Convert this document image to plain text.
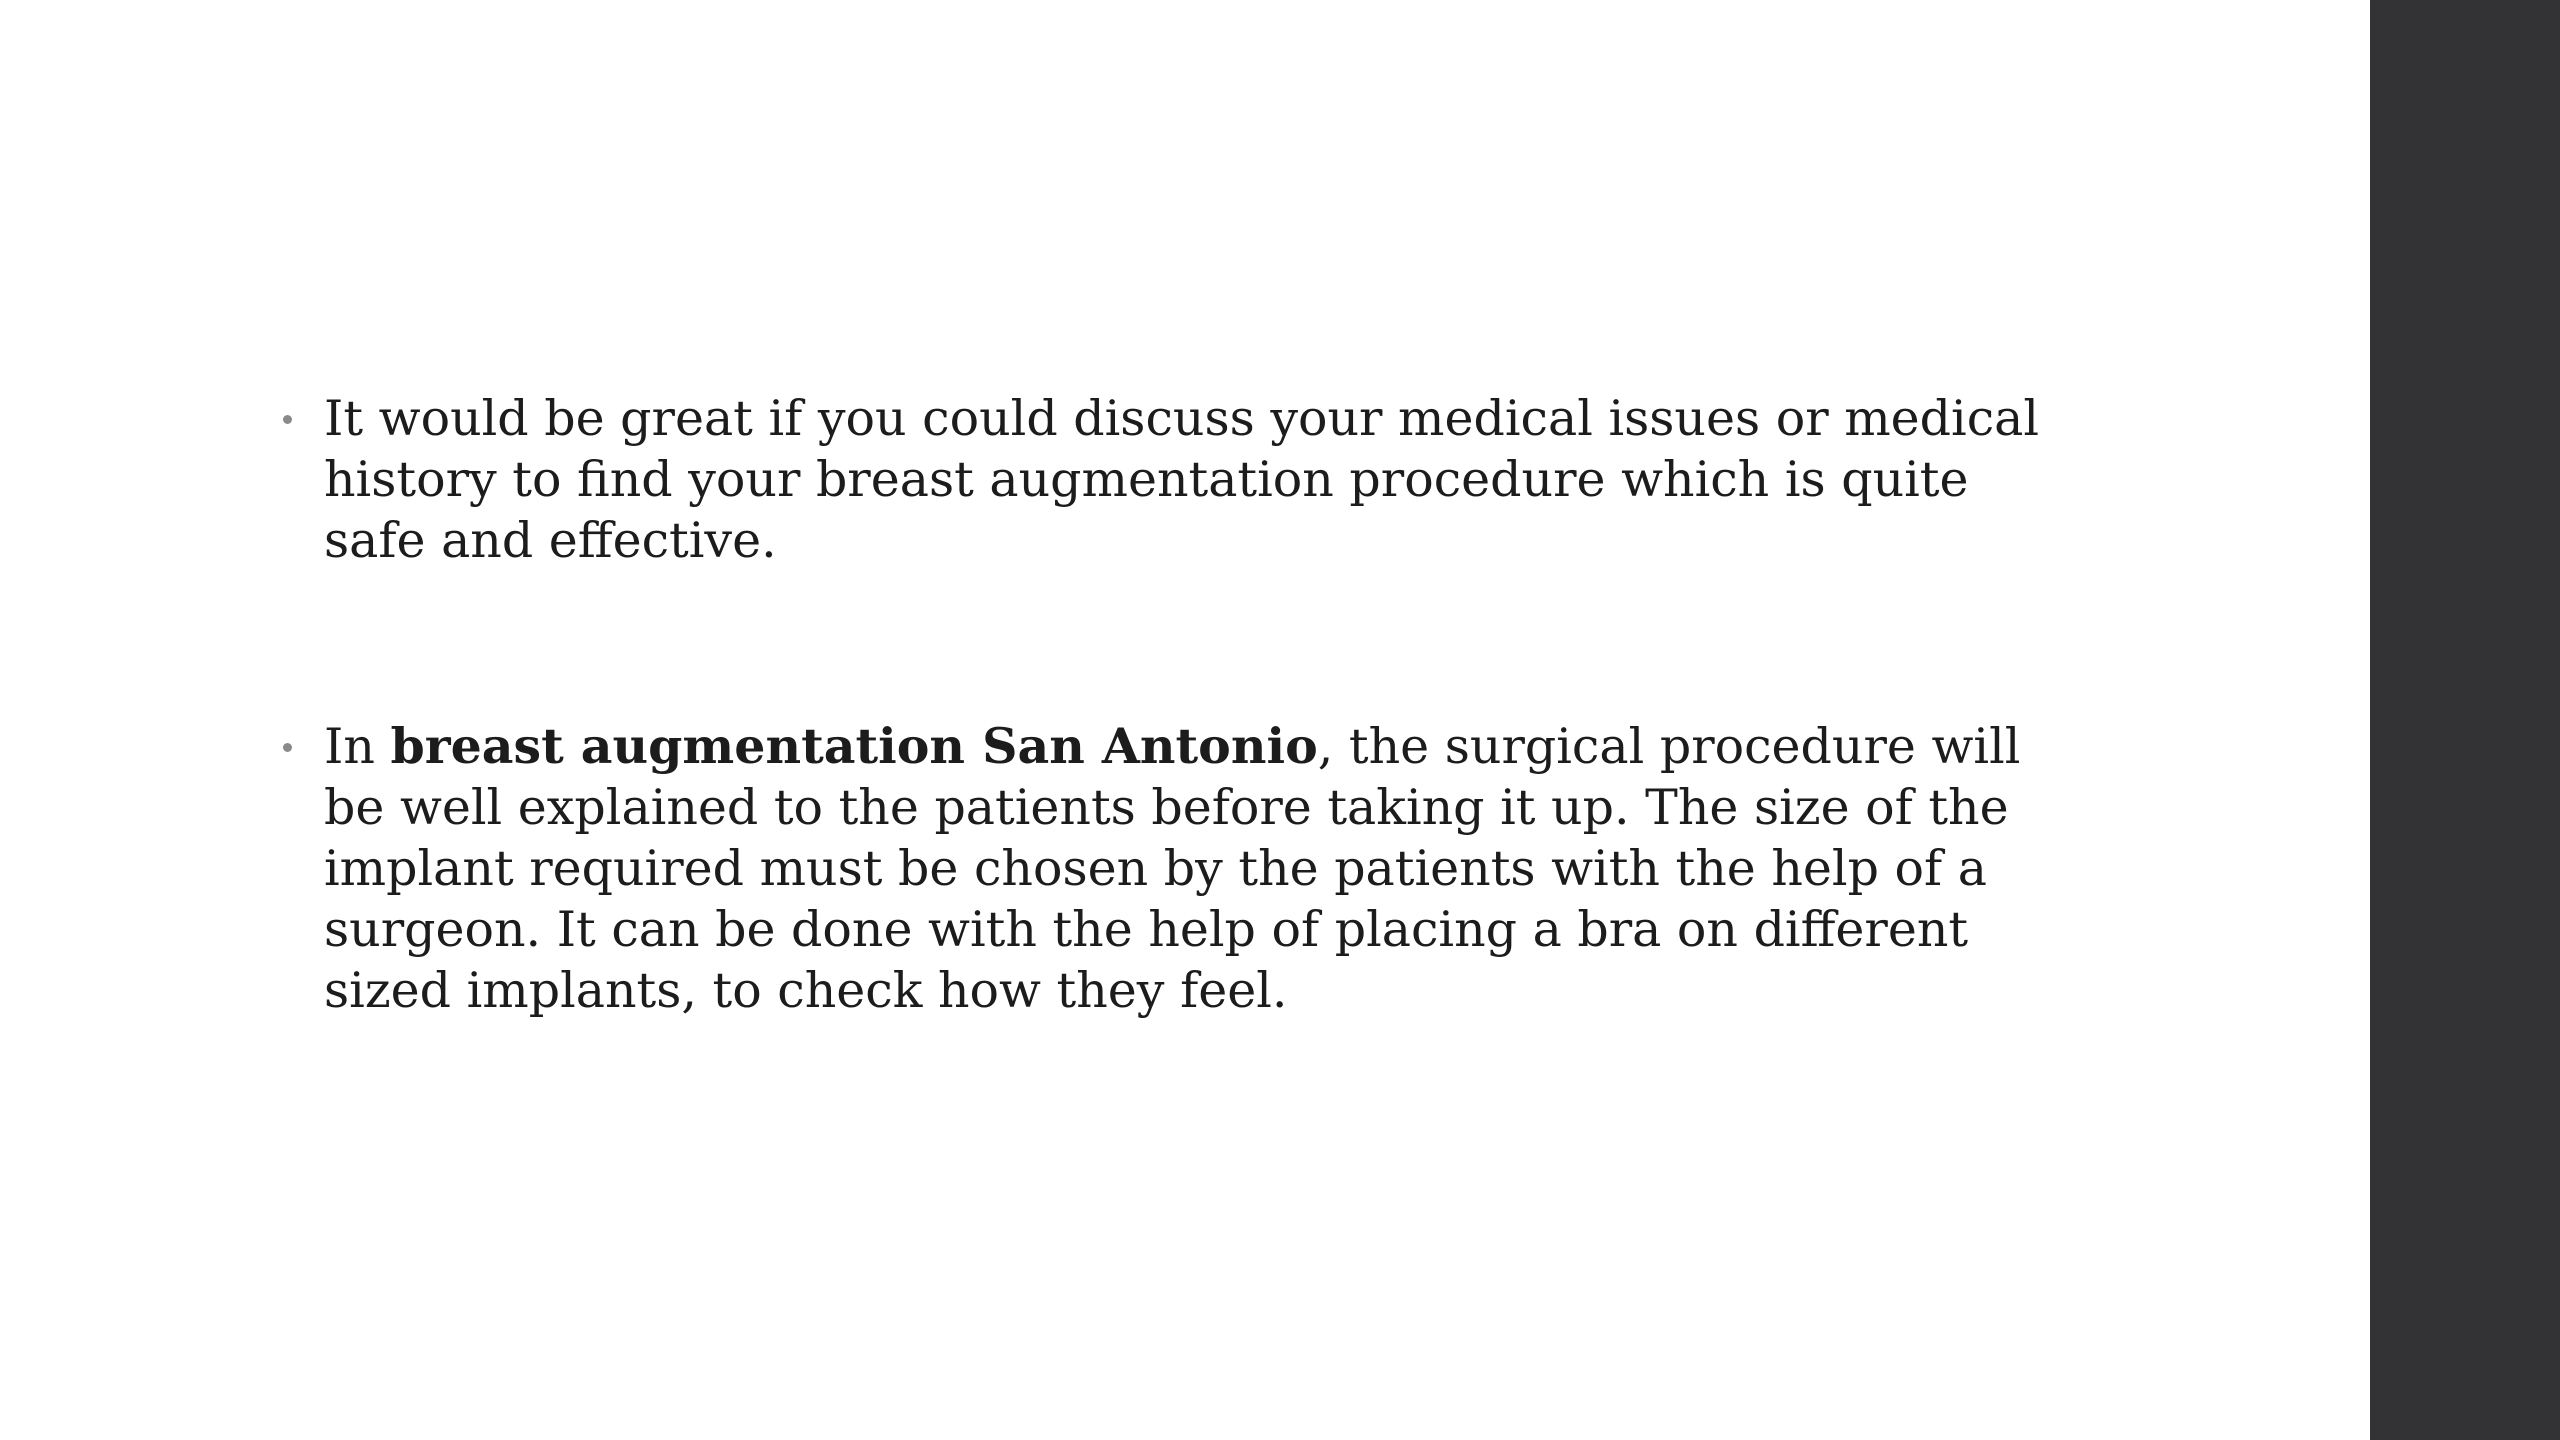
It would be great if you could discuss your medical issues or medical history to find your breast augmentation procedure which is quite safe and effective.

In breast augmentation San Antonio, the surgical procedure will be well explained to the patients before taking it up. The size of the implant required must be chosen by the patients with the help of a surgeon. It can be done with the help of placing a bra on different sized implants, to check how they feel.
